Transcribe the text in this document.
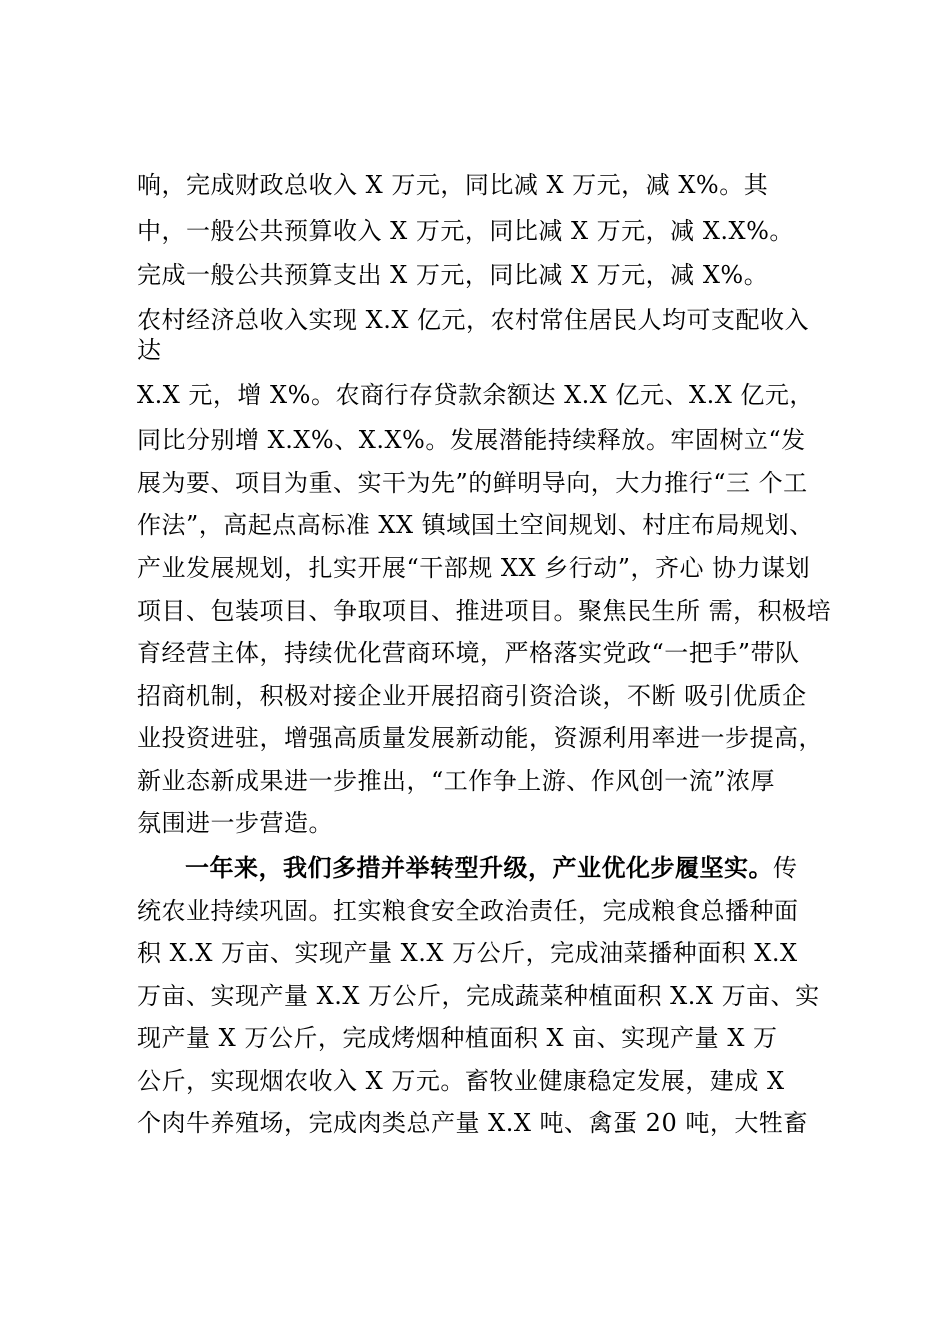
响，完成财政总收入 X 万元，同比减 X 万元，减 X%。其
中，一般公共预算收入 X 万元，同比减 X 万元，减 X.X%。
完成一般公共预算支出 X 万元，同比减 X 万元，减 X%。
农村经济总收入实现 X.X 亿元，农村常住居民人均可支配收入
达
X.X 元，增 X%。农商行存贷款余额达 X.X 亿元、X.X 亿元，
同比分别增 X.X%、X.X%。发展潜能持续释放。牢固树立“发
展为要、项目为重、实干为先”的鲜明导向，大力推行“三 个工
作法”，高起点高标准 XX 镇域国土空间规划、村庄布局规划、
产业发展规划，扎实开展“干部规 XX 乡行动”，齐心 协力谋划
项目、包装项目、争取项目、推进项目。聚焦民生所 需，积极培
育经营主体，持续优化营商环境，严格落实党政“一把手”带队
招商机制，积极对接企业开展招商引资洽谈，不断 吸引优质企
业投资进驻，增强高质量发展新动能，资源利用率进一步提高，
新业态新成果进一步推出，“工作争上游、作风创一流”浓厚
氛围进一步营造。
一年来，我们多措并举转型升级，产业优化步履坚实。传
统农业持续巩固。扛实粮食安全政治责任，完成粮食总播种面
积 X.X 万亩、实现产量 X.X 万公斤，完成油菜播种面积 X.X
万亩、实现产量 X.X 万公斤，完成蔬菜种植面积 X.X 万亩、实
现产量 X 万公斤，完成烤烟种植面积 X 亩、实现产量 X 万
公斤，实现烟农收入 X 万元。畜牧业健康稳定发展，建成 X
个肉牛养殖场，完成肉类总产量 X.X 吨、禽蛋 20 吨，大牲畜
